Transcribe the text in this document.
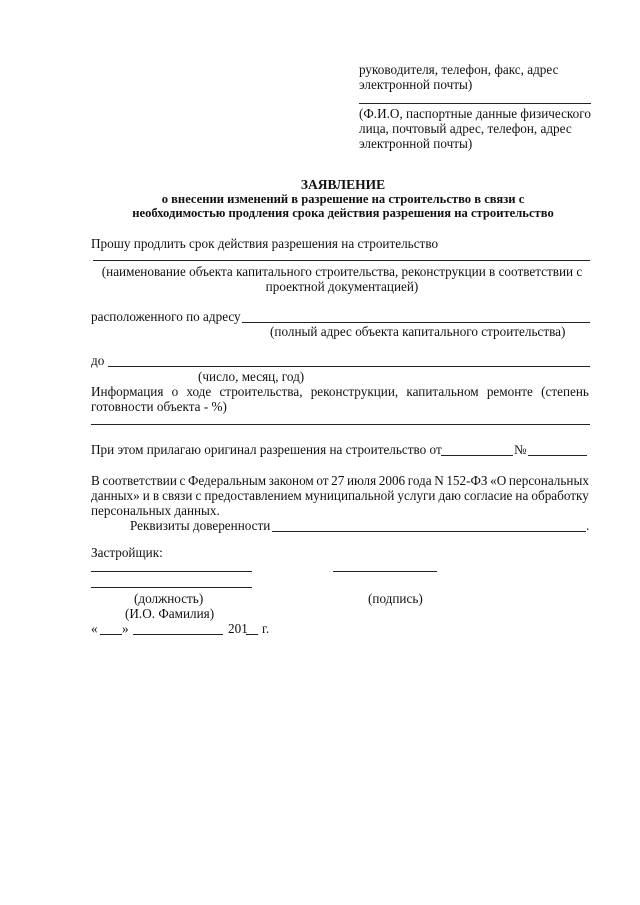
руководителя, телефон, факс, адрес
электронной почты)
(Ф.И.О, паспортные данные физического
лица, почтовый адрес, телефон, адрес
электронной почты)
ЗАЯВЛЕНИЕ
о внесении изменений в разрешение на строительство в связи с
необходимостью продления срока действия разрешения на строительство
Прошу продлить срок действия разрешения на строительство
(наименование объекта капитального строительства, реконструкции в соответствии с
проектной документацией)
расположенного по адресу
(полный адрес объекта капитального строительства)
до
(число, месяц, год)
Информация о ходе строительства, реконструкции, капитальном ремонте (степень
готовности объекта - %)
При этом прилагаю оригинал разрешения на строительство от	№
В соответствии с Федеральным законом от 27 июля 2006 года N 152-ФЗ «О персональных
данных» и в связи с предоставлением муниципальной услуги даю согласие на обработку
персональных данных.
Реквизиты доверенности	.
Застройщик:
(должность)	(подпись)
(И.О. Фамилия)
« »	201 г.
